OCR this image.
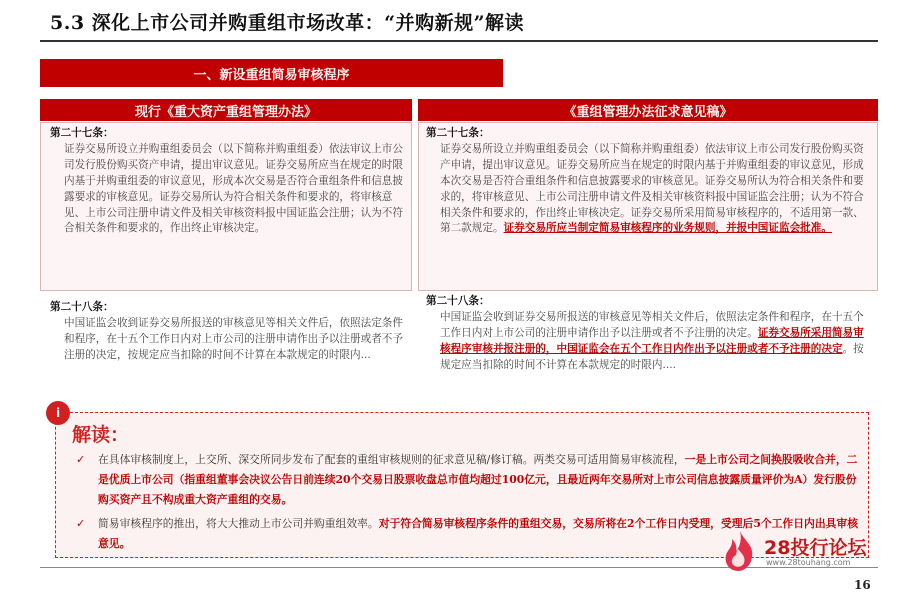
5.3 深化上市公司并购重组市场改革：“并购新规”解读
一、新设重组简易审核程序
现行《重大资产重组管理办法》
第二十七条：
证券交易所设立并购重组委员会（以下简称并购重组委）依法审议上市公司发行股份购买资产申请，提出审议意见。证券交易所应当在规定的时限内基于并购重组委的审议意见，形成本次交易是否符合重组条件和信息披露要求的审核意见。证券交易所认为符合相关条件和要求的，将审核意见、上市公司注册申请文件及相关审核资料报中国证监会注册；认为不符合相关条件和要求的，作出终止审核决定。
第二十八条：
中国证监会收到证券交易所报送的审核意见等相关文件后，依照法定条件和程序，在十五个工作日内对上市公司的注册申请作出予以注册或者不予注册的决定，按规定应当扣除的时间不计算在本款规定的时限内...
《重组管理办法征求意见稿》
第二十七条：
证券交易所设立并购重组委员会（以下简称并购重组委）依法审议上市公司发行股份购买资产申请，提出审议意见。证券交易所应当在规定的时限内基于并购重组委的审议意见，形成本次交易是否符合重组条件和信息披露要求的审核意见。证券交易所认为符合相关条件和要求的，将审核意见、上市公司注册申请文件及相关审核资料报中国证监会注册；认为不符合相关条件和要求的，作出终止审核决定。证券交易所采用简易审核程序的，不适用第一款、第二款规定。证券交易所应当制定简易审核程序的业务规则，并报中国证监会批准。
第二十八条：
中国证监会收到证券交易所报送的审核意见等相关文件后，依照法定条件和程序，在十五个工作日内对上市公司的注册申请作出予以注册或者不予注册的决定。证券交易所采用简易审核程序审核并报注册的，中国证监会在五个工作日内作出予以注册或者不予注册的决定。按规定应当扣除的时间不计算在本款规定的时限内....
i
解读：
✓ 在具体审核制度上，上交所、深交所同步发布了配套的重组审核规则的征求意见稿/修订稿。两类交易可适用简易审核流程，一是上市公司之间换股吸收合并，二是优质上市公司（指重组董事会决议公告日前连续20个交易日股票收盘总市值均超过100亿元，且最近两年交易所对上市公司信息披露质量评价为A）发行股份购买资产且不构成重大资产重组的交易。
✓ 简易审核程序的推出，将大大推动上市公司并购重组效率。对于符合简易审核程序条件的重组交易，交易所将在2个工作日内受理，受理后5个工作日内出具审核意见。	28投行论坛
www.28touhang.com
16
